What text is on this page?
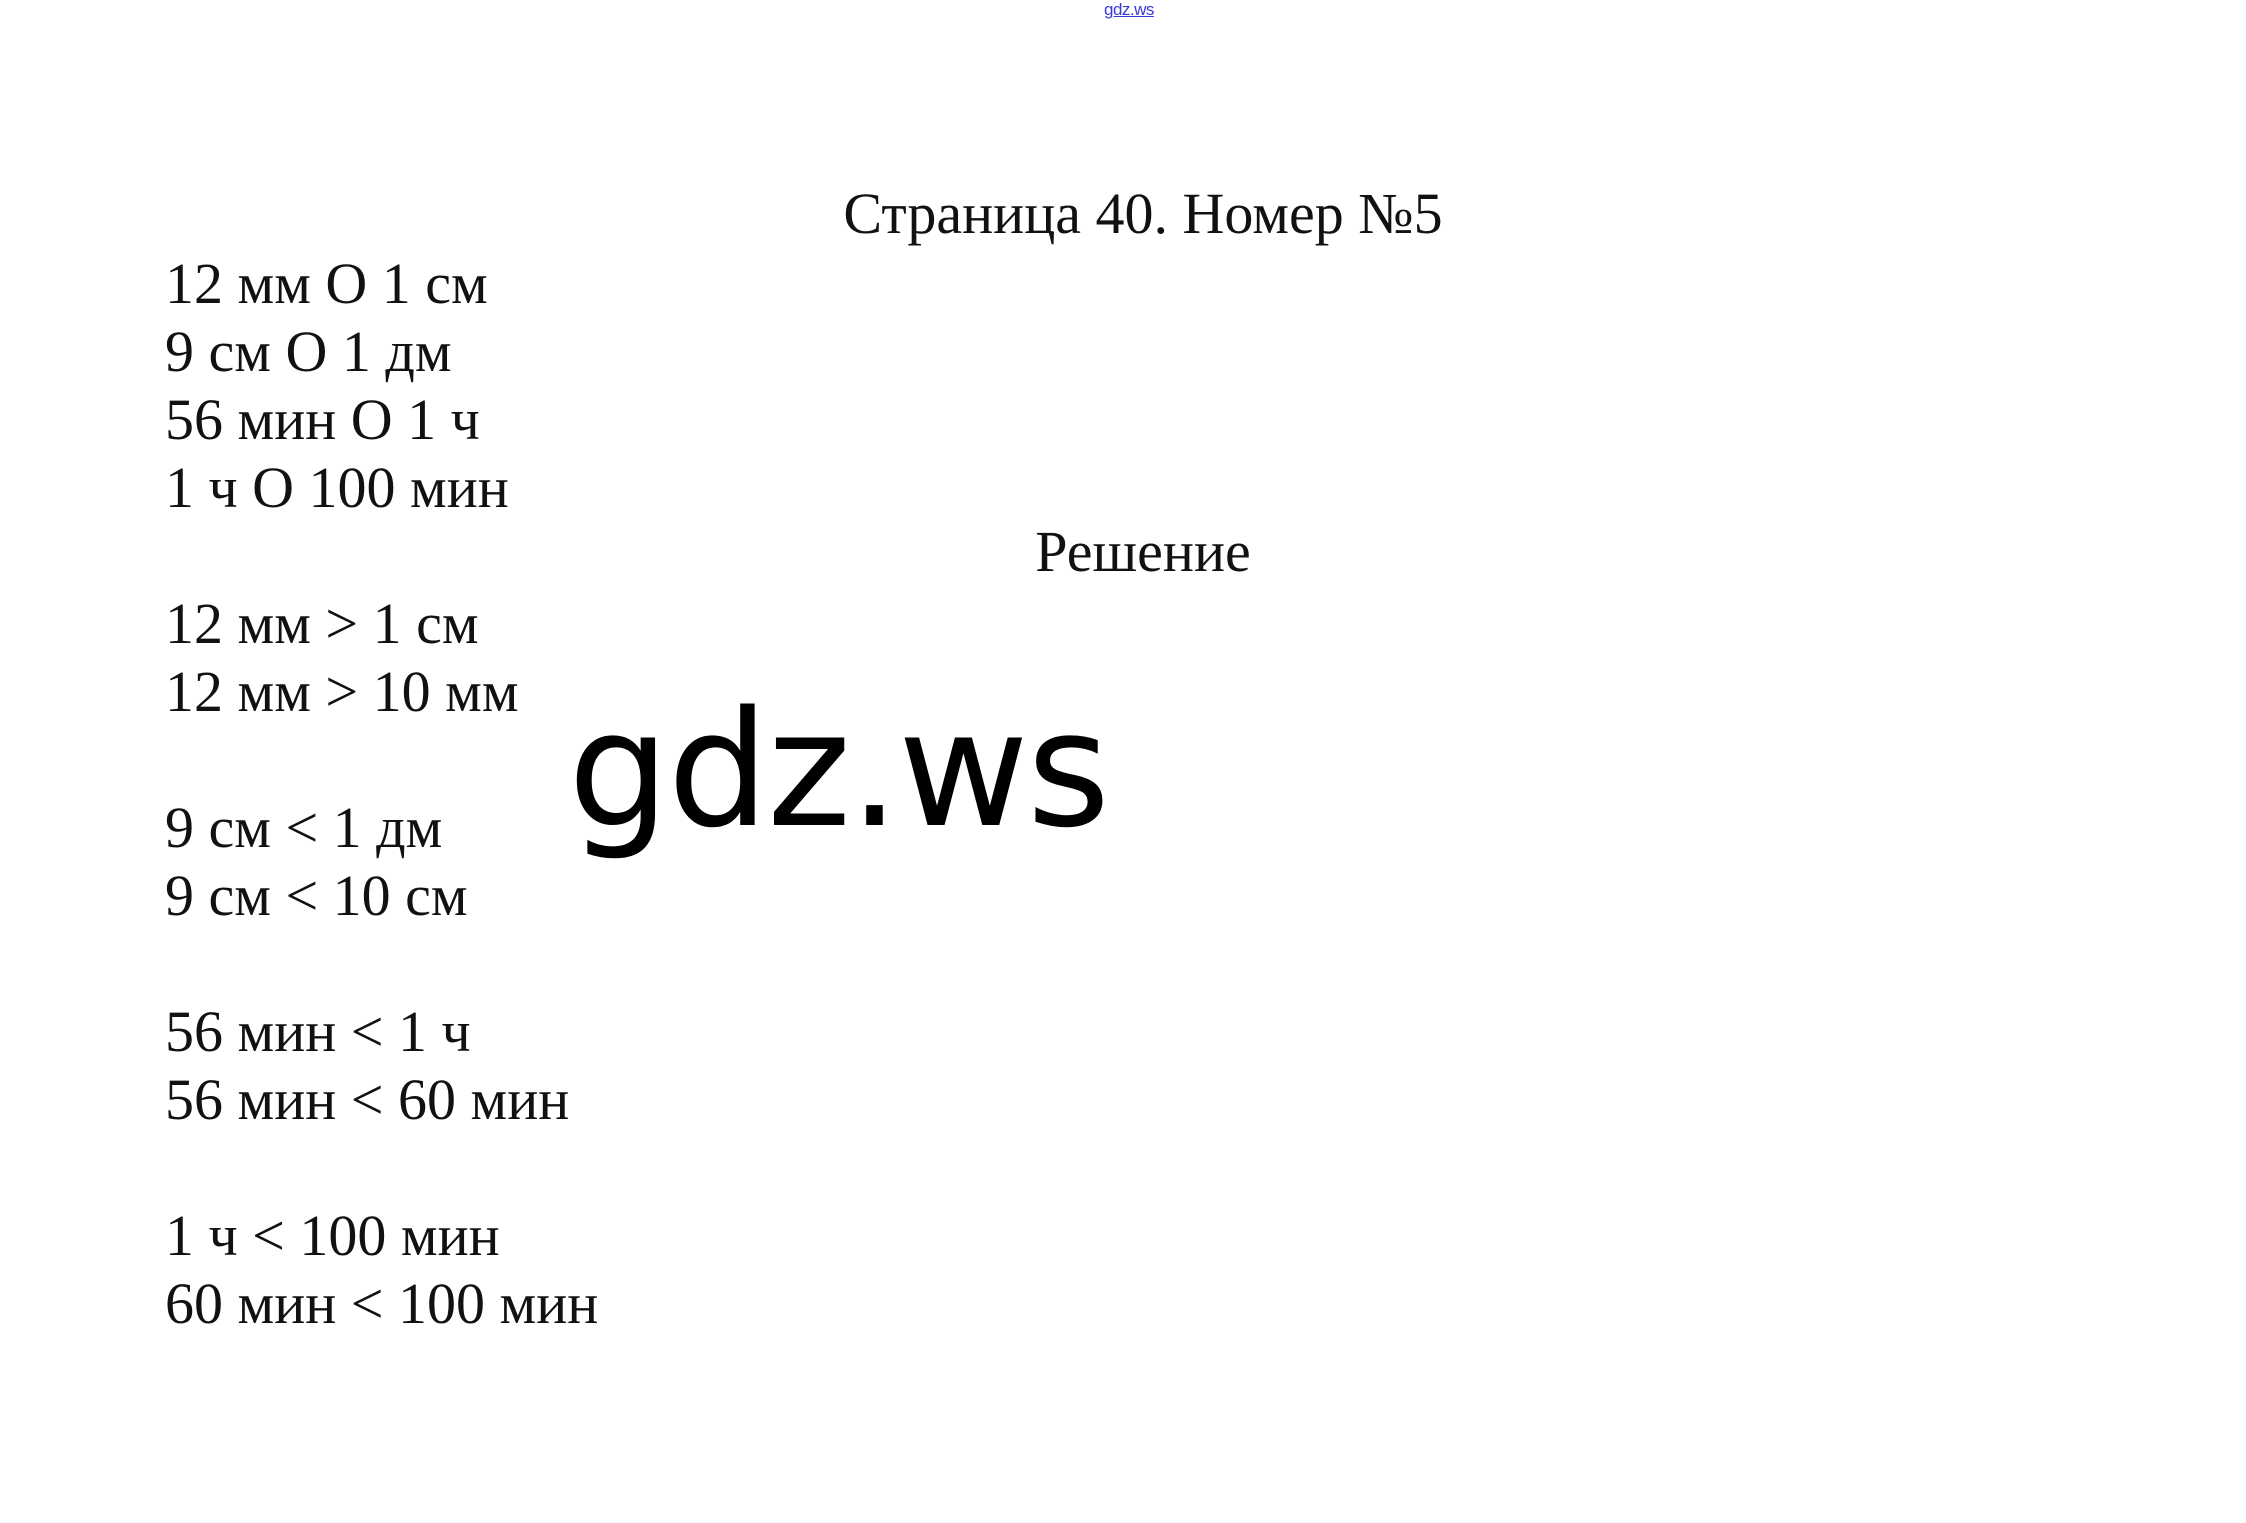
gdz.ws
Страница 40. Номер №5
12 мм О 1 см
9 см О 1 дм
56 мин О 1 ч
1 ч О 100 мин
Решение
12 мм > 1 см
12 мм > 10 мм
9 см < 1 дм
9 см < 10 см
56 мин < 1 ч
56 мин < 60 мин
1 ч < 100 мин
60 мин < 100 мин
gdz.ws
